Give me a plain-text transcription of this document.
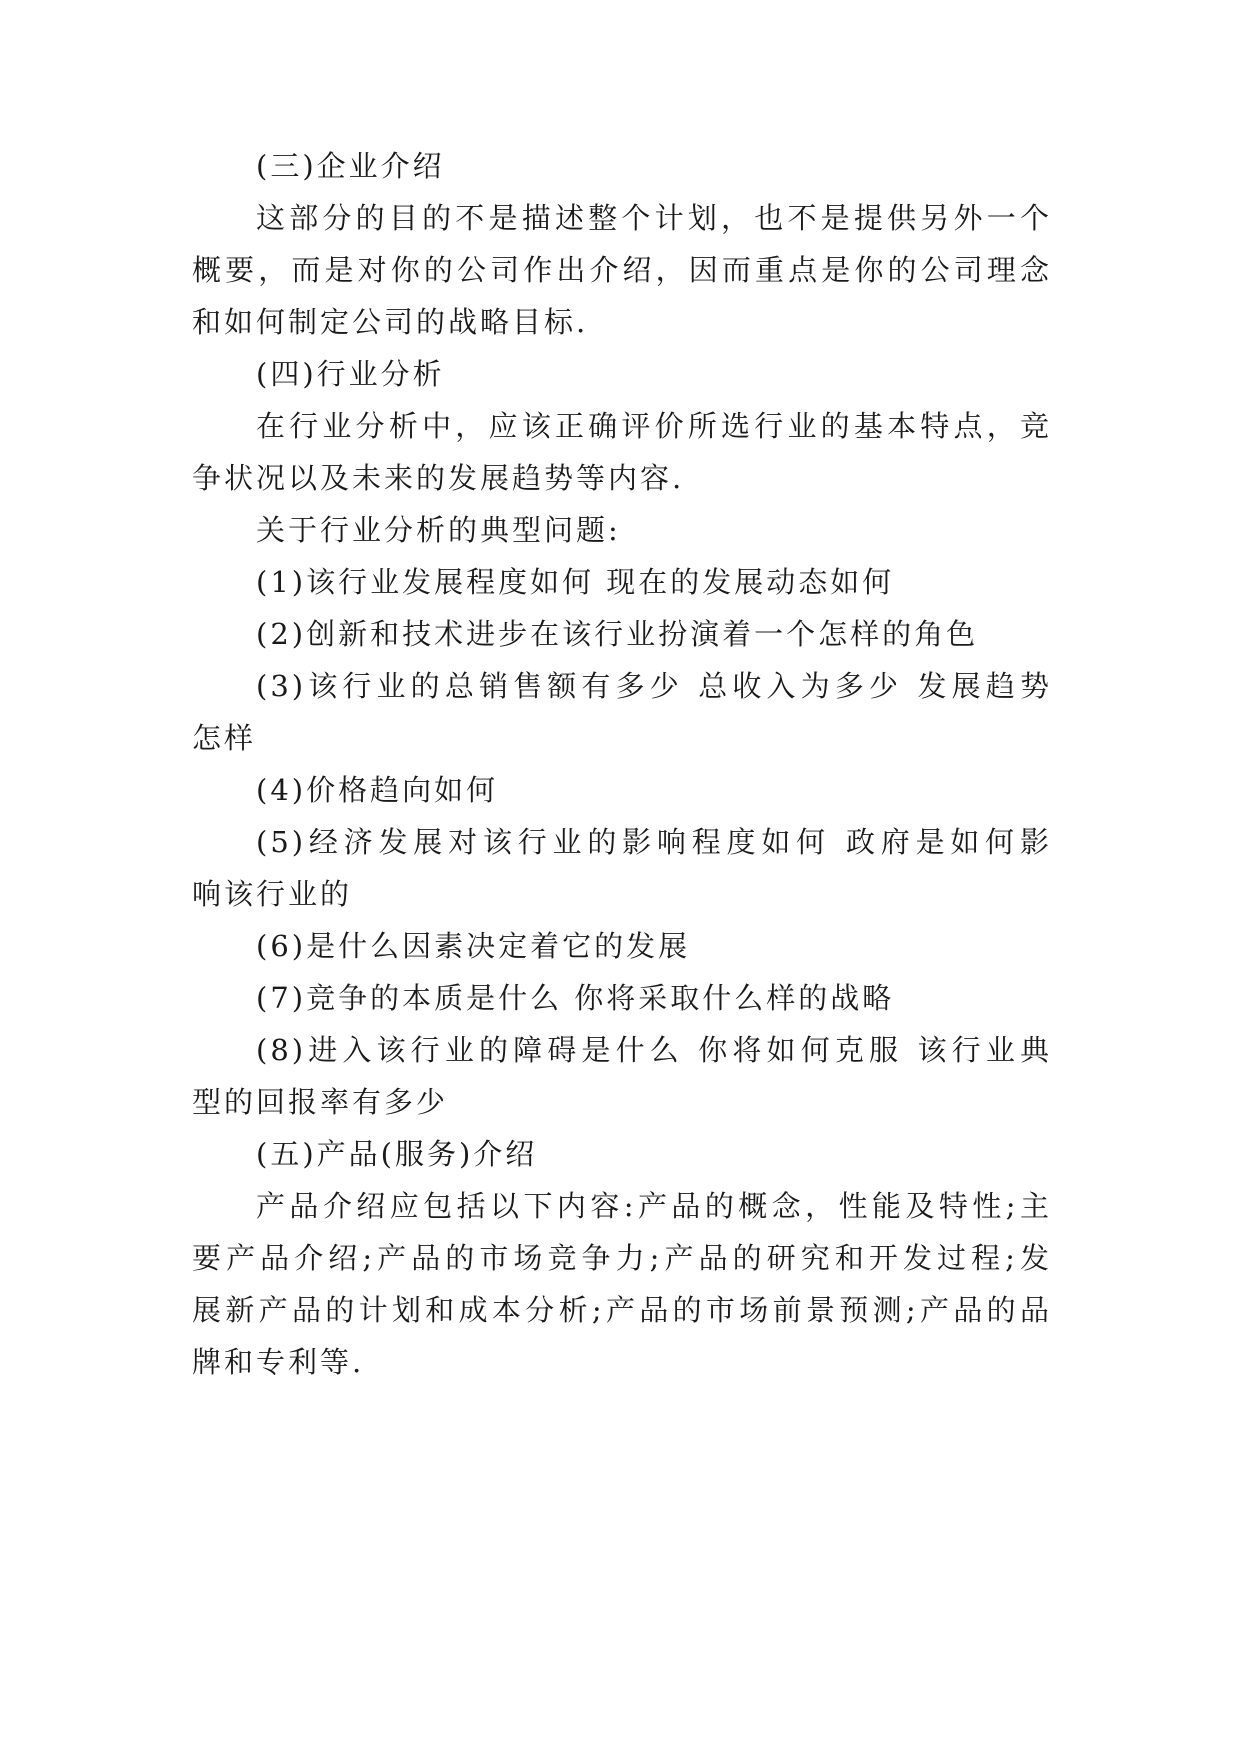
(三)企业介绍
这部分的目的不是描述整个计划，也不是提供另外一个
概要，而是对你的公司作出介绍，因而重点是你的公司理念
和如何制定公司的战略目标.
(四)行业分析
在行业分析中，应该正确评价所选行业的基本特点，竞
争状况以及未来的发展趋势等内容.
关于行业分析的典型问题:
(1)该行业发展程度如何 现在的发展动态如何
(2)创新和技术进步在该行业扮演着一个怎样的角色
(3)该行业的总销售额有多少 总收入为多少 发展趋势
怎样
(4)价格趋向如何
(5)经济发展对该行业的影响程度如何 政府是如何影
响该行业的
(6)是什么因素决定着它的发展
(7)竞争的本质是什么 你将采取什么样的战略
(8)进入该行业的障碍是什么 你将如何克服 该行业典
型的回报率有多少
(五)产品(服务)介绍
产品介绍应包括以下内容:产品的概念，性能及特性;主
要产品介绍;产品的市场竞争力;产品的研究和开发过程;发
展新产品的计划和成本分析;产品的市场前景预测;产品的品
牌和专利等.
